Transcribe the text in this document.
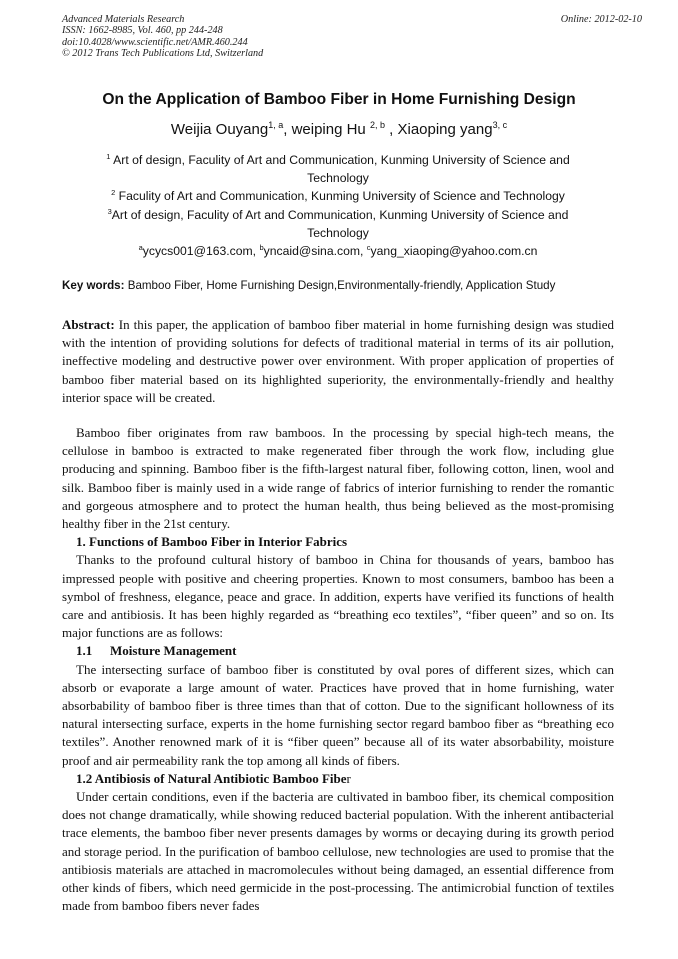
Advanced Materials Research
ISSN: 1662-8985, Vol. 460, pp 244-248
doi:10.4028/www.scientific.net/AMR.460.244
© 2012 Trans Tech Publications Ltd, Switzerland
Online: 2012-02-10
On the Application of Bamboo Fiber in Home Furnishing Design
Weijia Ouyang$^{1, a}$, weiping Hu $^{2, b}$ , Xiaoping yang$^{3, c}$
$^1$ Art of design, Faculity of Art and Communication, Kunming University of Science and
Technology
$^2$ Faculity of Art and Communication, Kunming University of Science and Technology
$^3$Art of design, Faculity of Art and Communication, Kunming University of Science and
Technology
$^a$ycycs001@163.com, $^b$yncaid@sina.com, $^c$yang_xiaoping@yahoo.com.cn
Key words: Bamboo Fiber, Home Furnishing Design,Environmentally-friendly, Application Study

Abstract: In this paper, the application of bamboo fiber material in home furnishing design was studied with the intention of providing solutions for defects of traditional material in terms of its air pollution, ineffective modeling and destructive power over environment. With proper application of properties of bamboo fiber material based on its highlighted superiority, the environmentally-friendly and healthy interior space will be created.

Bamboo fiber originates from raw bamboos. In the processing by special high-tech means, the cellulose in bamboo is extracted to make regenerated fiber through the work flow, including glue producing and spinning. Bamboo fiber is the fifth-largest natural fiber, following cotton, linen, wool and silk. Bamboo fiber is mainly used in a wide range of fabrics of interior furnishing to render the romantic and gorgeous atmosphere and to protect the human health, thus being believed as the most-promising healthy fiber in the 21st century.

1. Functions of Bamboo Fiber in Interior Fabrics

Thanks to the profound cultural history of bamboo in China for thousands of years, bamboo has impressed people with positive and cheering properties. Known to most consumers, bamboo has been a symbol of freshness, elegance, peace and grace. In addition, experts have verified its functions of health care and antibiosis. It has been highly regarded as “breathing eco textiles”, “fiber queen” and so on. Its major functions are as follows:

1.1 Moisture Management

The intersecting surface of bamboo fiber is constituted by oval pores of different sizes, which can absorb or evaporate a large amount of water. Practices have proved that in home furnishing, water absorbability of bamboo fiber is three times than that of cotton. Due to the significant hollowness of its natural intersecting surface, experts in the home furnishing sector regard bamboo fiber as “breathing eco textiles”. Another renowned mark of it is “fiber queen” because all of its water absorbability, moisture proof and air permeability rank the top among all kinds of fibers.

1.2 Antibiosis of Natural Antibiotic Bamboo Fiber

Under certain conditions, even if the bacteria are cultivated in bamboo fiber, its chemical composition does not change dramatically, while showing reduced bacterial population. With the inherent antibacterial trace elements, the bamboo fiber never presents damages by worms or decaying during its growth period and storage period. In the purification of bamboo cellulose, new technologies are used to promise that the antibiosis materials are attached in macromolecules without being damaged, an essential difference from other kinds of fibers, which need germicide in the post-processing. The antimicrobial function of textiles made from bamboo fibers never fades
